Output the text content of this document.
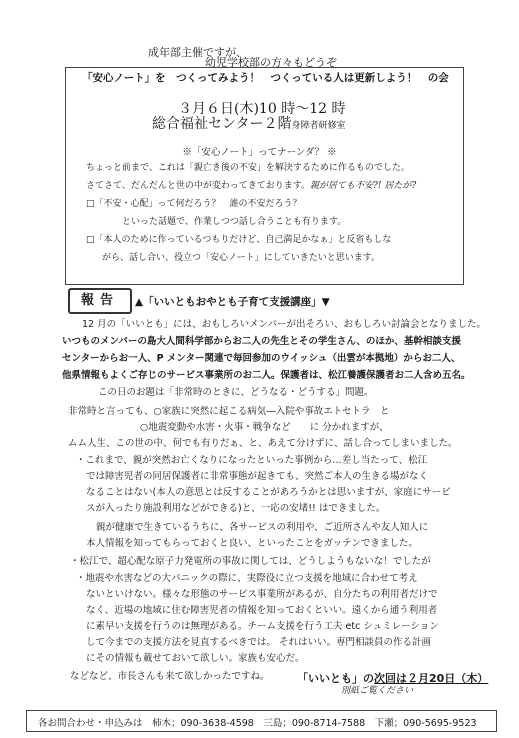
成年部主催ですが、
幼児学校部の方々もどうぞ
「安心ノート」を　つくってみよう！　つくっている人は更新しよう！　の会
３月６日(木)10 時〜12 時
総合福祉センター２階身障者研修室
※「安心ノート」ってナーンダ？ ※
ちょっと前まで、これは「親亡き後の不安」を解決するために作るものでした。
さてさて、だんだんと世の中が変わってきております。親が居ても不安?! 居たが?
□「不安・心配」って何だろう？　誰の不安だろう？
といった話題で、作業しつつ話し合うことも有ります。
□「本人のために作っているつもりだけど、自己満足かなぁ」と反省もしな
がら、話し合い、役立つ「安心ノート」にしていきたいと思います。
報告	▲「いいともおやとも子育て支援講座」▼
12 月の「いいとも」には、おもしろいメンバーが出そろい、おもしろい討論会となりました。
いつものメンバーの島大人間科学部からお二人の先生とその学生さん、のほか、基幹相談支援
センターからお一人、P メンター関連で毎回参加のウイッシュ（出雲が本拠地）からお二人、
他県情報もよくご存じのサービス事業所のお二人。保護者は、松江養護保護者お二人含め五名。
この日のお題は「非常時のときに、どうなる・どうする」問題。
非常時と言っても、○家族に突然に起こる病気―入院や事故エトセトラ　と
○地震変動や水害・火事・戦争など　　に 分かれますが、
ムム人生、この世の中、何でも有りだぁ、と、あえて分けずに、話し合ってしまいました。
・これまで、親が突然お亡くなりになったといった事例から…差し当たって、松江
では障害児者の同居保護者に非常事態が起きても、突然ご本人の生きる場がなく
なることはない(本人の意思とは反することがあろうかとは思いますが、家庭にサービ
スが入ったり施設利用などができる)と、一応の安堵!! はできました。
親が健康で生きているうちに、各サービスの利用や、ご近所さんや友人知人に
本人情報を知ってもらっておくと良い、といったことをガッテンできました。
・松江で、超心配な原子力発電所の事故に関しては、どうしようもないな！でしたが
・地震や水害などの大パニックの際に、実際役に立つ支援を地域に合わせて考え
ないといけない。様々な形態のサービス事業所があるが、自分たちの利用者だけで
なく、近場の地域に住む障害児者の情報を知っておくといい。遠くから通う利用者
に素早い支援を行うのは無理がある。チーム支援を行う工夫 etc シュミレーション
して今までの支援方法を見直するべきでは。 それはいい。専門相談員の作る計画
にその情報も載せておいて欲しい。家族も安心だ。
などなど、市長さんも来て欲しかったですね。 「いいとも」の次回は２月20日（木）
別紙ご覧ください
各お問合わせ・申込みは　柿木；090-3638-4598　三島；090-8714-7588　下瀬；090-5695-9523
